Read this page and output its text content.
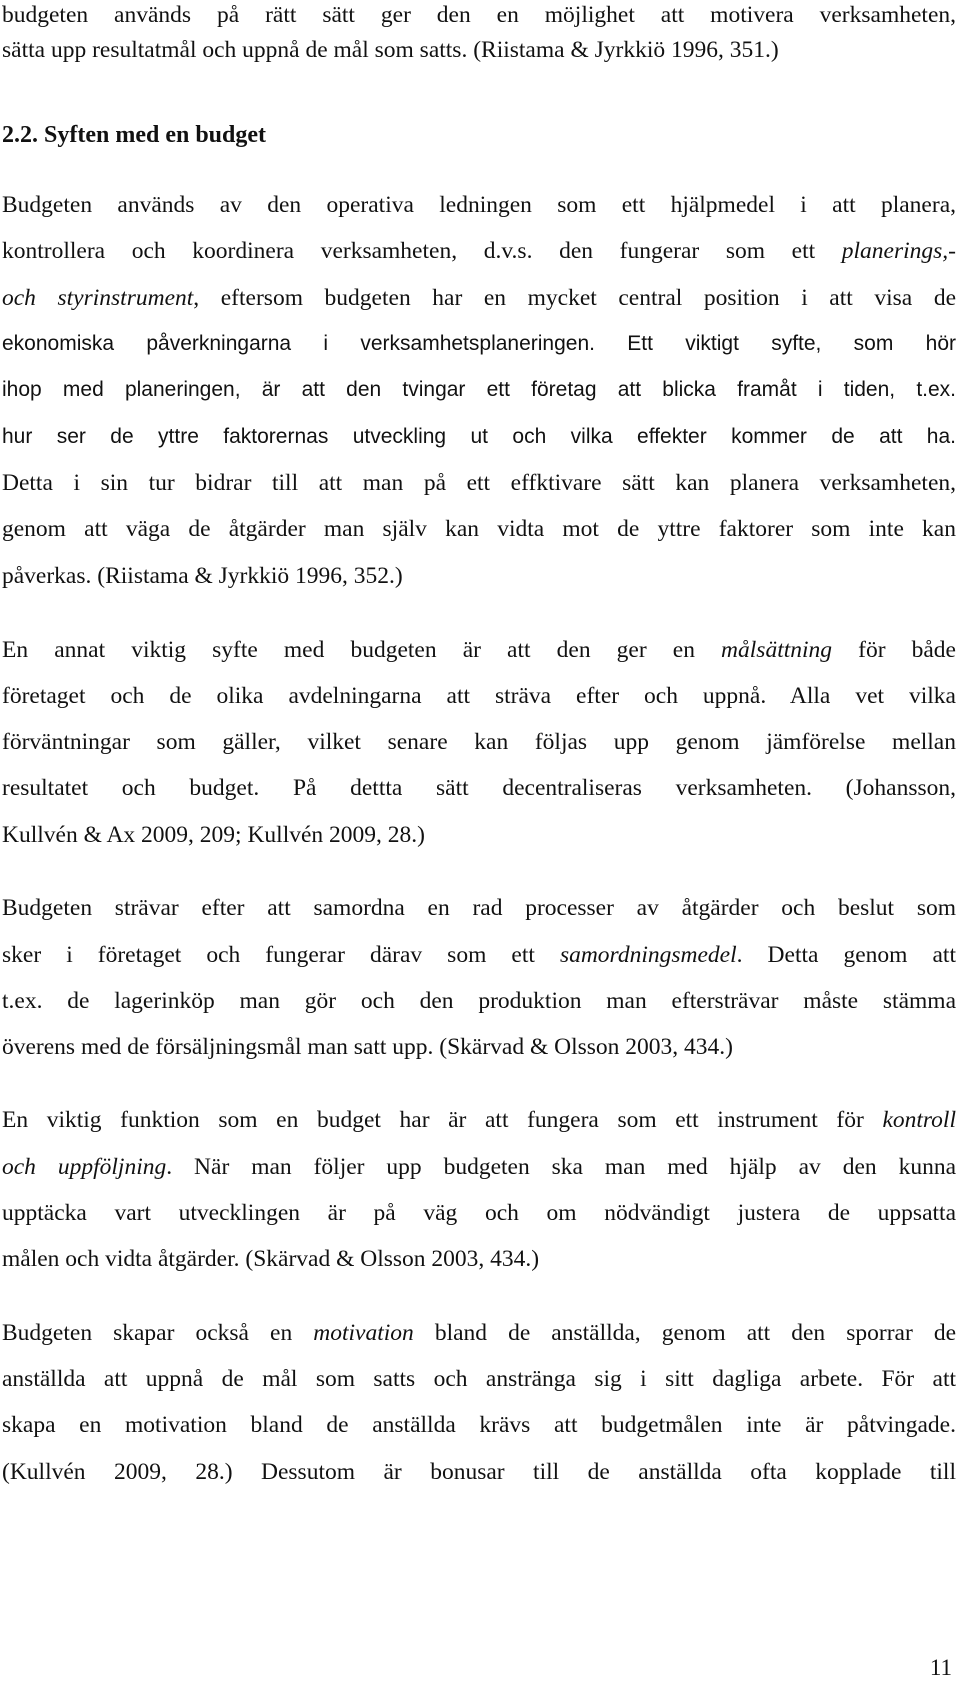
budgeten används på rätt sätt ger den en möjlighet att motivera verksamheten,
sätta upp resultatmål och uppnå de mål som satts. (Riistama & Jyrkkiö 1996, 351.)
2.2. Syften med en budget
Budgeten används av den operativa ledningen som ett hjälpmedel i att planera,
kontrollera och koordinera verksamheten, d.v.s. den fungerar som ett planerings,-
och styrinstrument, eftersom budgeten har en mycket central position i att visa de
ekonomiska påverkningarna i verksamhetsplaneringen. Ett viktigt syfte, som hör
ihop med planeringen, är att den tvingar ett företag att blicka framåt i tiden, t.ex.
hur ser de yttre faktorernas utveckling ut och vilka effekter kommer de att ha.
Detta i sin tur bidrar till att man på ett effktivare sätt kan planera verksamheten,
genom att väga de åtgärder man själv kan vidta mot de yttre faktorer som inte kan
påverkas. (Riistama & Jyrkkiö 1996, 352.)
En annat viktig syfte med budgeten är att den ger en målsättning för både
företaget och de olika avdelningarna att sträva efter och uppnå. Alla vet vilka
förväntningar som gäller, vilket senare kan följas upp genom jämförelse mellan
resultatet och budget. På dettta sätt decentraliseras verksamheten. (Johansson,
Kullvén & Ax 2009, 209; Kullvén 2009, 28.)
Budgeten strävar efter att samordna en rad processer av åtgärder och beslut som
sker i företaget och fungerar därav som ett samordningsmedel. Detta genom att
t.ex. de lagerinköp man gör och den produktion man eftersträvar måste stämma
överens med de försäljningsmål man satt upp. (Skärvad & Olsson 2003, 434.)
En viktig funktion som en budget har är att fungera som ett instrument för kontroll
och uppföljning. När man följer upp budgeten ska man med hjälp av den kunna
upptäcka vart utvecklingen är på väg och om nödvändigt justera de uppsatta
målen och vidta åtgärder. (Skärvad & Olsson 2003, 434.)
Budgeten skapar också en motivation bland de anställda, genom att den sporrar de
anställda att uppnå de mål som satts och anstränga sig i sitt dagliga arbete. För att
skapa en motivation bland de anställda krävs att budgetmålen inte är påtvingade.
(Kullvén 2009, 28.) Dessutom är bonusar till de anställda ofta kopplade till
11
